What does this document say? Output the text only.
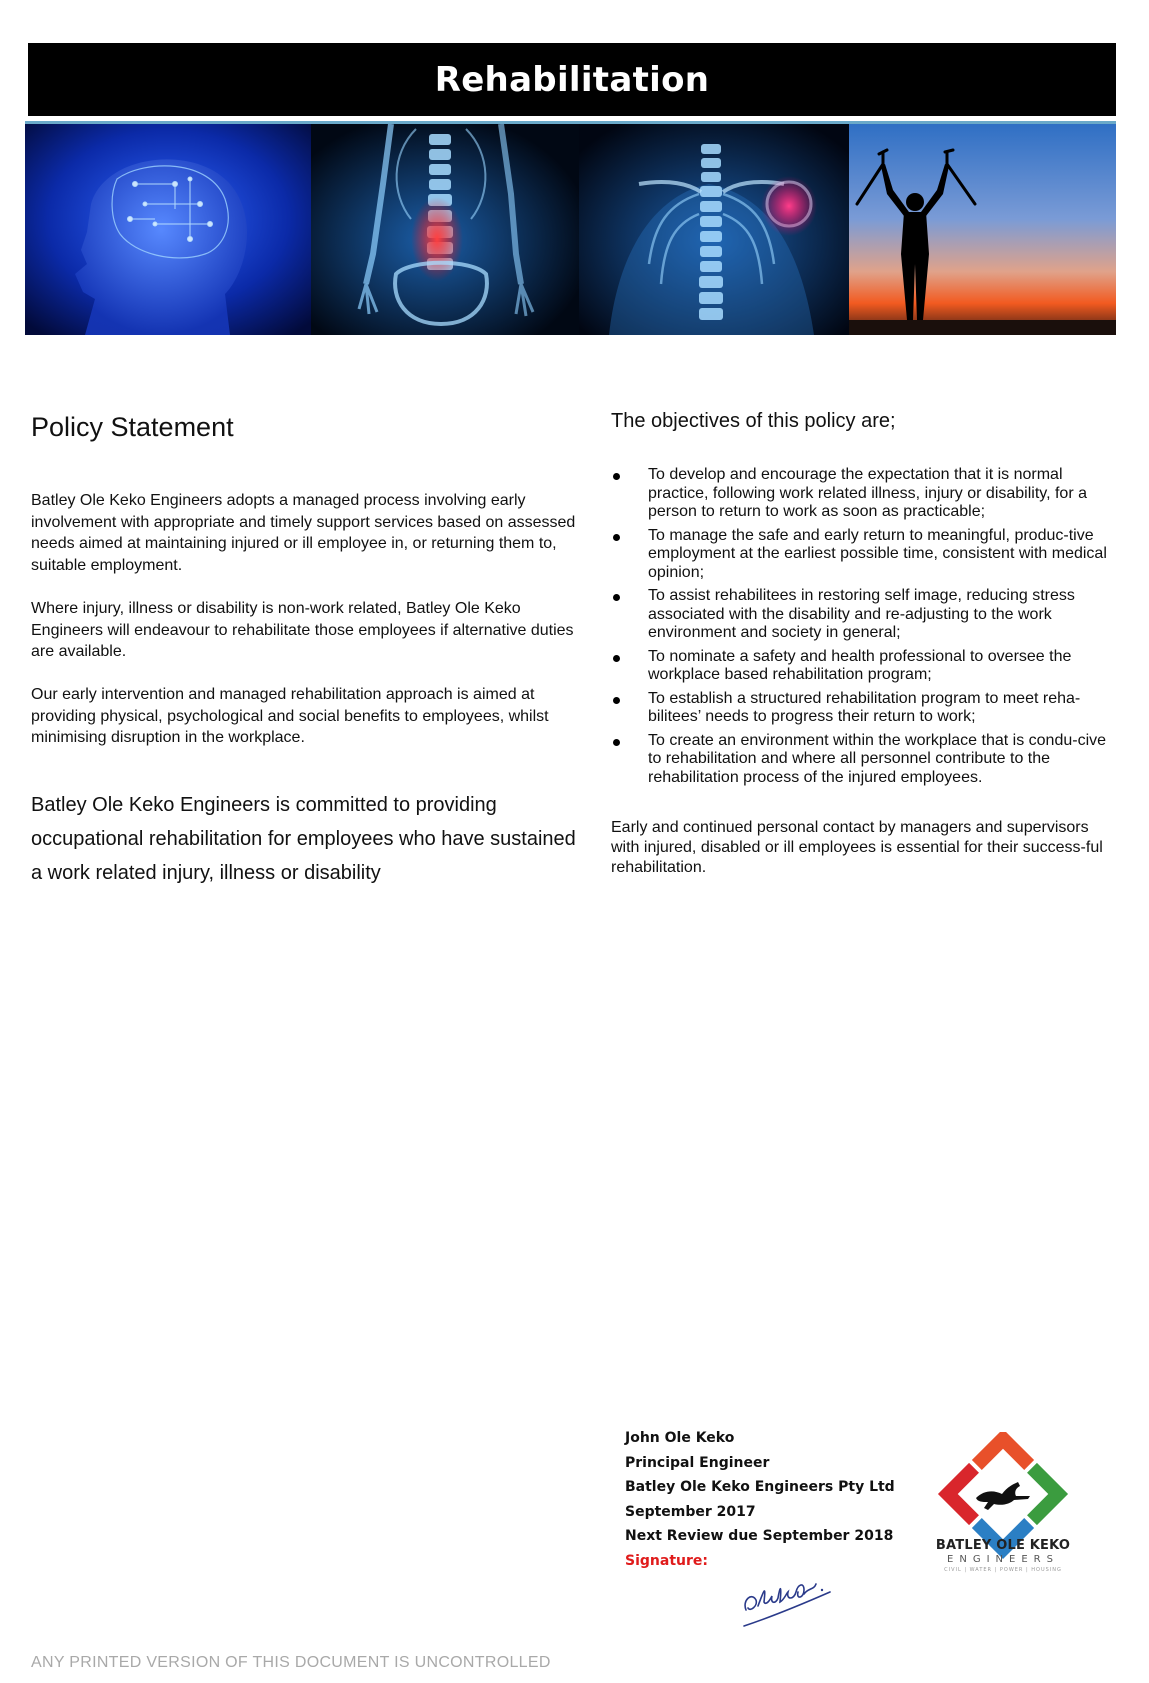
Rehabilitation
Policy Statement

Batley Ole Keko Engineers adopts a managed process involving early involvement with appropriate and timely support services based on assessed needs aimed at maintaining injured or ill employee in, or returning them to, suitable employment.

Where injury, illness or disability is non-work related, Batley Ole Keko Engineers will endeavour to rehabilitate those employees if alternative duties are available.

Our early intervention and managed rehabilitation approach is aimed at providing physical, psychological and social benefits to employees, whilst minimising disruption in the workplace.

Batley Ole Keko Engineers is committed to providing occupational rehabilitation for employees who have sustained a work related injury, illness or disability

The objectives of this policy are;
To develop and encourage the expectation that it is normal practice, following work related illness, injury or disability, for a person to return to work as soon as practicable;
To manage the safe and early return to meaningful, produc-tive employment at the earliest possible time, consistent with medical opinion;
To assist rehabilitees in restoring self image, reducing stress associated with the disability and re-adjusting to the work environment and society in general;
To nominate a safety and health professional to oversee the workplace based rehabilitation program;
To establish a structured rehabilitation program to meet reha-bilitees’ needs to progress their return to work;
To create an environment within the workplace that is condu-cive to rehabilitation and where all personnel contribute to the rehabilitation process of the injured employees.

Early and continued personal contact by managers and supervisors with injured, disabled or ill employees is essential for their success-ful rehabilitation.

John Ole Keko
Principal Engineer
Batley Ole Keko Engineers Pty Ltd
September 2017
Next Review due September 2018
Signature:
BATLEY OLE KEKO
ENGINEERS
CIVIL | WATER | POWER | HOUSING
ANY PRINTED VERSION OF THIS DOCUMENT IS UNCONTROLLED
